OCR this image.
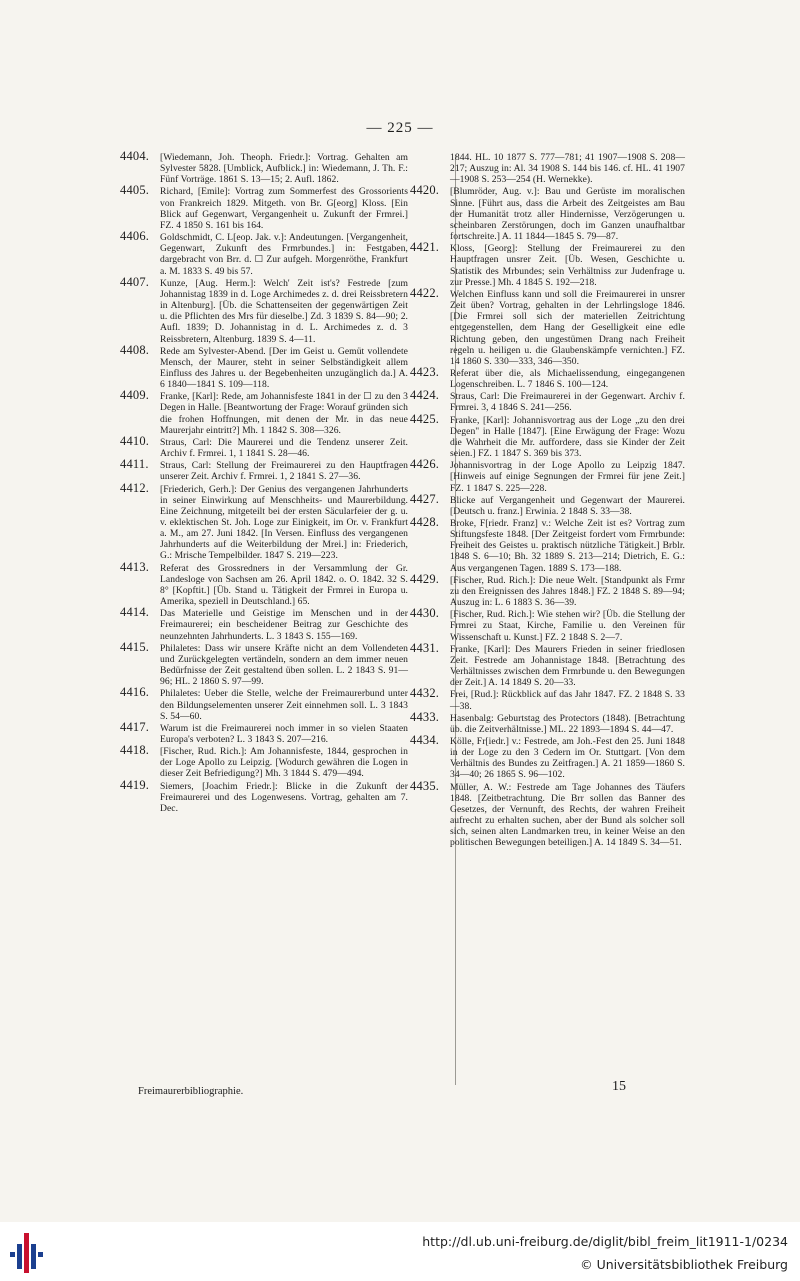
— 225 —
4404. [Wiedemann, Joh. Theoph. Friedr.]: Vortrag. Gehalten am Sylvester 5828. [Umblick, Aufblick.] in: Wiedemann, J. Th. F.: Fünf Vorträge. 1861 S. 13—15; 2. Aufl. 1862.
4405. Richard, [Emile]: Vortrag zum Sommerfest des Grossorients von Frankreich 1829. Mitgeth. von Br. G[eorg] Kloss. [Ein Blick auf Gegenwart, Vergangenheit u. Zukunft der Frmrei.] FZ. 4 1850 S. 161 bis 164.
4406. Goldschmidt, C. L[eop. Jak. v.]: Andeutungen. [Vergangenheit, Gegenwart, Zukunft des Frmrbundes.] in: Festgaben, dargebracht von Brr. d. ☐ Zur aufgeh. Morgenröthe, Frankfurt a. M. 1833 S. 49 bis 57.
4407. Kunze, [Aug. Herm.]: Welch' Zeit ist's? Festrede [zum Johannistag 1839 in d. Loge Archimedes z. d. drei Reissbretern in Altenburg]. [Üb. die Schattenseiten der gegenwärtigen Zeit u. die Pflichten des Mrs für dieselbe.] Zd. 3 1839 S. 84—90; 2. Aufl. 1839; D. Johannistag in d. L. Archimedes z. d. 3 Reissbretern, Altenburg. 1839 S. 4—11.
4408. Rede am Sylvester-Abend. [Der im Geist u. Gemüt vollendete Mensch, der Maurer, steht in seiner Selbständigkeit allem Einfluss des Jahres u. der Begebenheiten unzugänglich da.] A. 6 1840—1841 S. 109—118.
4409. Franke, [Karl]: Rede, am Johannisfeste 1841 in der ☐ zu den 3 Degen in Halle. [Beantwortung der Frage: Worauf gründen sich die frohen Hoffnungen, mit denen der Mr. in das neue Maurerjahr eintritt?] Mh. 1 1842 S. 308—326.
4410. Straus, Carl: Die Maurerei und die Tendenz unserer Zeit. Archiv f. Frmrei. 1, 1 1841 S. 28—46.
4411. Straus, Carl: Stellung der Freimaurerei zu den Hauptfragen unserer Zeit. Archiv f. Frmrei. 1, 2 1841 S. 27—36.
4412. [Friederich, Gerh.]: Der Genius des vergangenen Jahrhunderts in seiner Einwirkung auf Menschheits- und Maurerbildung. Eine Zeichnung, mitgeteilt bei der ersten Säcularfeier der g. u. v. eklektischen St. Joh. Loge zur Einigkeit, im Or. v. Frankfurt a. M., am 27. Juni 1842. [In Versen. Einfluss des vergangenen Jahrhunderts auf die Weiterbildung der Mrei.] in: Friederich, G.: Mrische Tempelbilder. 1847 S. 219—223.
4413. Referat des Grossredners in der Versammlung der Gr. Landesloge von Sachsen am 26. April 1842. o. O. 1842. 32 S. 8° [Kopftit.] [Üb. Stand u. Tätigkeit der Frmrei in Europa u. Amerika, speziell in Deutschland.] 65.
4414. Das Materielle und Geistige im Menschen und in der Freimaurerei; ein bescheidener Beitrag zur Geschichte des neunzehnten Jahrhunderts. L. 3 1843 S. 155—169.
4415. Philaletes: Dass wir unsere Kräfte nicht an dem Vollendeten und Zurückgelegten vertändeln, sondern an dem immer neuen Bedürfnisse der Zeit gestaltend üben sollen. L. 2 1843 S. 91—96; HL. 2 1860 S. 97—99.
4416. Philaletes: Ueber die Stelle, welche der Freimaurerbund unter den Bildungselementen unserer Zeit einnehmen soll. L. 3 1843 S. 54—60.
4417. Warum ist die Freimaurerei noch immer in so vielen Staaten Europa's verboten? L. 3 1843 S. 207—216.
4418. [Fischer, Rud. Rich.]: Am Johannisfeste, 1844, gesprochen in der Loge Apollo zu Leipzig. [Wodurch gewähren die Logen in dieser Zeit Befriedigung?] Mh. 3 1844 S. 479—494.
4419. Siemers, [Joachim Friedr.]: Blicke in die Zukunft der Freimaurerei und des Logenwesens. Vortrag, gehalten am 7. Dec.
1844. HL. 10 1877 S. 777—781; 41 1907—1908 S. 208—217; Auszug in: Al. 34 1908 S. 144 bis 146. cf. HL. 41 1907—1908 S. 253—254 (H. Wernekke).
4420. [Blumröder, Aug. v.]: Bau und Gerüste im moralischen Sinne. [Führt aus, dass die Arbeit des Zeitgeistes am Bau der Humanität trotz aller Hindernisse, Verzögerungen u. scheinbaren Zerstörungen, doch im Ganzen unaufhaltbar fortschreite.] A. 11 1844—1845 S. 79—87.
4421. Kloss, [Georg]: Stellung der Freimaurerei zu den Hauptfragen unsrer Zeit. [Üb. Wesen, Geschichte u. Statistik des Mrbundes; sein Verhältniss zur Judenfrage u. zur Presse.] Mh. 4 1845 S. 192—218.
4422. Welchen Einfluss kann und soll die Freimaurerei in unsrer Zeit üben? Vortrag, gehalten in der Lehrlingsloge 1846. [Die Frmrei soll sich der materiellen Zeitrichtung entgegenstellen, dem Hang der Geselligkeit eine edle Richtung geben, den ungestümen Drang nach Freiheit regeln u. heiligen u. die Glaubenskämpfe vernichten.] FZ. 14 1860 S. 330—333, 346—350.
4423. Referat über die, als Michaelissendung, eingegangenen Logenschreiben. L. 7 1846 S. 100—124.
4424. Straus, Carl: Die Freimaurerei in der Gegenwart. Archiv f. Frmrei. 3, 4 1846 S. 241—256.
4425. Franke, [Karl]: Johannisvortrag aus der Loge „zu den drei Degen" in Halle [1847]. [Eine Erwägung der Frage: Wozu die Wahrheit die Mr. auffordere, dass sie Kinder der Zeit seien.] FZ. 1 1847 S. 369 bis 373.
4426. Johannisvortrag in der Loge Apollo zu Leipzig 1847. [Hinweis auf einige Segnungen der Frmrei für jene Zeit.] FZ. 1 1847 S. 225—228.
4427. Blicke auf Vergangenheit und Gegenwart der Maurerei. [Deutsch u. franz.] Erwinia. 2 1848 S. 33—38.
4428. Broke, F[riedr. Franz] v.: Welche Zeit ist es? Vortrag zum Stiftungsfeste 1848. [Der Zeitgeist fordert vom Frmrbunde: Freiheit des Geistes u. praktisch nützliche Tätigkeit.] Brblr. 1848 S. 6—10; Bh. 32 1889 S. 213—214; Dietrich, E. G.: Aus vergangenen Tagen. 1889 S. 173—188.
4429. [Fischer, Rud. Rich.]: Die neue Welt. [Standpunkt als Frmr zu den Ereignissen des Jahres 1848.] FZ. 2 1848 S. 89—94; Auszug in: L. 6 1883 S. 36—39.
4430. [Fischer, Rud. Rich.]: Wie stehen wir? [Üb. die Stellung der Frmrei zu Staat, Kirche, Familie u. den Vereinen für Wissenschaft u. Kunst.] FZ. 2 1848 S. 2—7.
4431. Franke, [Karl]: Des Maurers Frieden in seiner friedlosen Zeit. Festrede am Johannistage 1848. [Betrachtung des Verhältnisses zwischen dem Frmrbunde u. den Bewegungen der Zeit.] A. 14 1849 S. 20—33.
4432. Frei, [Rud.]: Rückblick auf das Jahr 1847. FZ. 2 1848 S. 33—38.
4433. Hasenbalg: Geburtstag des Protectors (1848). [Betrachtung üb. die Zeitverhältnisse.] ML. 22 1893—1894 S. 44—47.
4434. Kölle, Fr[iedr.] v.: Festrede, am Joh.-Fest den 25. Juni 1848 in der Loge zu den 3 Cedern im Or. Stuttgart. [Von dem Verhältnis des Bundes zu Zeitfragen.] A. 21 1859—1860 S. 34—40; 26 1865 S. 96—102.
4435. Müller, A. W.: Festrede am Tage Johannes des Täufers 1848. [Zeitbetrachtung. Die Brr sollen das Banner des Gesetzes, der Vernunft, des Rechts, der wahren Freiheit aufrecht zu erhalten suchen, aber der Bund als solcher soll sich, seinen alten Landmarken treu, in keiner Weise an den politischen Bewegungen beteiligen.] A. 14 1849 S. 34—51.
Freimaurerbibliographie.	15
http://dl.ub.uni-freiburg.de/diglit/bibl_freim_lit1911-1/0234
© Universitätsbibliothek Freiburg
